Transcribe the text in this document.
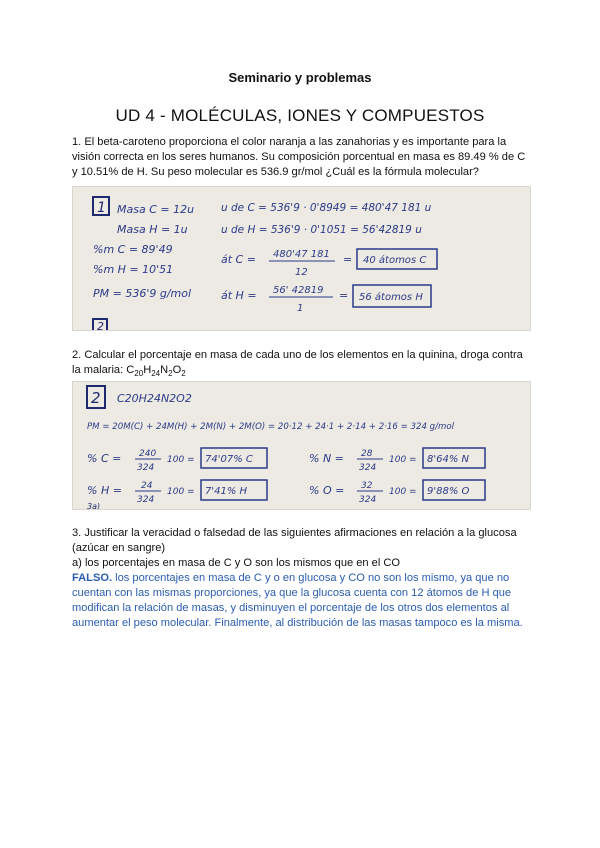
Seminario y problemas
UD 4 - MOLÉCULAS, IONES Y COMPUESTOS
1. El beta-caroteno proporciona el color naranja a las zanahorias y es importante para la
visión correcta en los seres humanos. Su composición porcentual en masa es 89.49 % de C
y 10.51% de H. Su peso molecular es 536.9 gr/mol ¿Cuál es la fórmula molecular?
1 Masa C = 12u
Masa H = 1u
%m C = 89'49
%m H = 10'51
PM = 536'9 g/mol
u de C = 536'9 · 0'8949 = 480'47 181 u
u de H = 536'9 · 0'1051 = 56'42819 u
át C = 480'47 181
12
= 40 átomos C
át H = 56' 42819
1
= 56 átomos H
2
2. Calcular el porcentaje en masa de cada uno de los elementos en la quinina, droga contra
la malaria: $C_{20}H_{24}N_2O_2$
2 C20H24N2O2
PM = 20M(C) + 24M(H) + 2M(N) + 2M(O) = 20·12 + 24·1 + 2·14 + 2·16 = 324 g/mol
% C = 240
324
100 = 74'07% C	% N = 28
324
100 = 8'64% N
% H = 24
324
100 = 7'41% H	% O = 32
324
100 = 9'88% O
3a)
3. Justificar la veracidad o falsedad de las siguientes afirmaciones en relación a la glucosa
(azúcar en sangre)
a) los porcentajes en masa de C y O son los mismos que en el CO
FALSO. los porcentajes en masa de C y o en glucosa y CO no son los mismo, ya que no
cuentan con las mismas proporciones, ya que la glucosa cuenta con 12 átomos de H que
modifican la relación de masas, y disminuyen el porcentaje de los otros dos elementos al
aumentar el peso molecular. Finalmente, al distribución de las masas tampoco es la misma.
